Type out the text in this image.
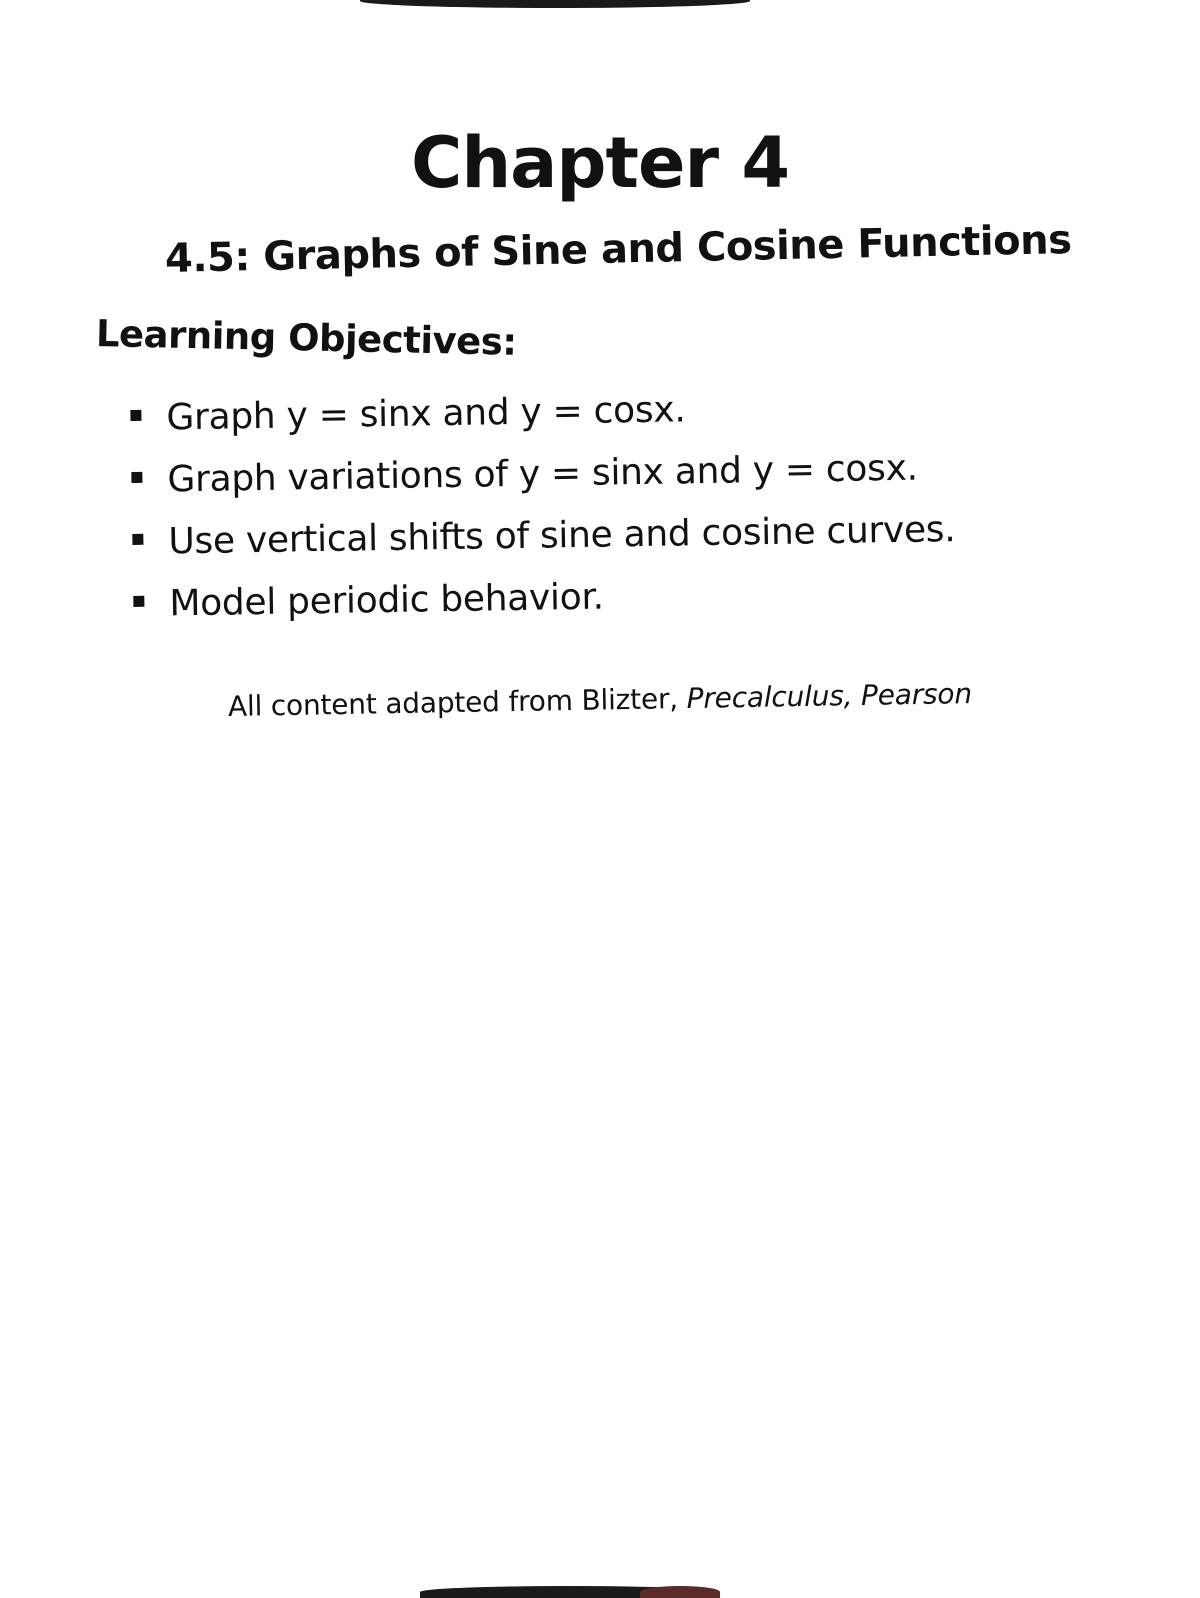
Chapter 4
4.5: Graphs of Sine and Cosine Functions
Learning Objectives:
Graph y = sinx and y = cosx.
Graph variations of y = sinx and y = cosx.
Use vertical shifts of sine and cosine curves.
Model periodic behavior.

All content adapted from Blizter, Precalculus, Pearson
